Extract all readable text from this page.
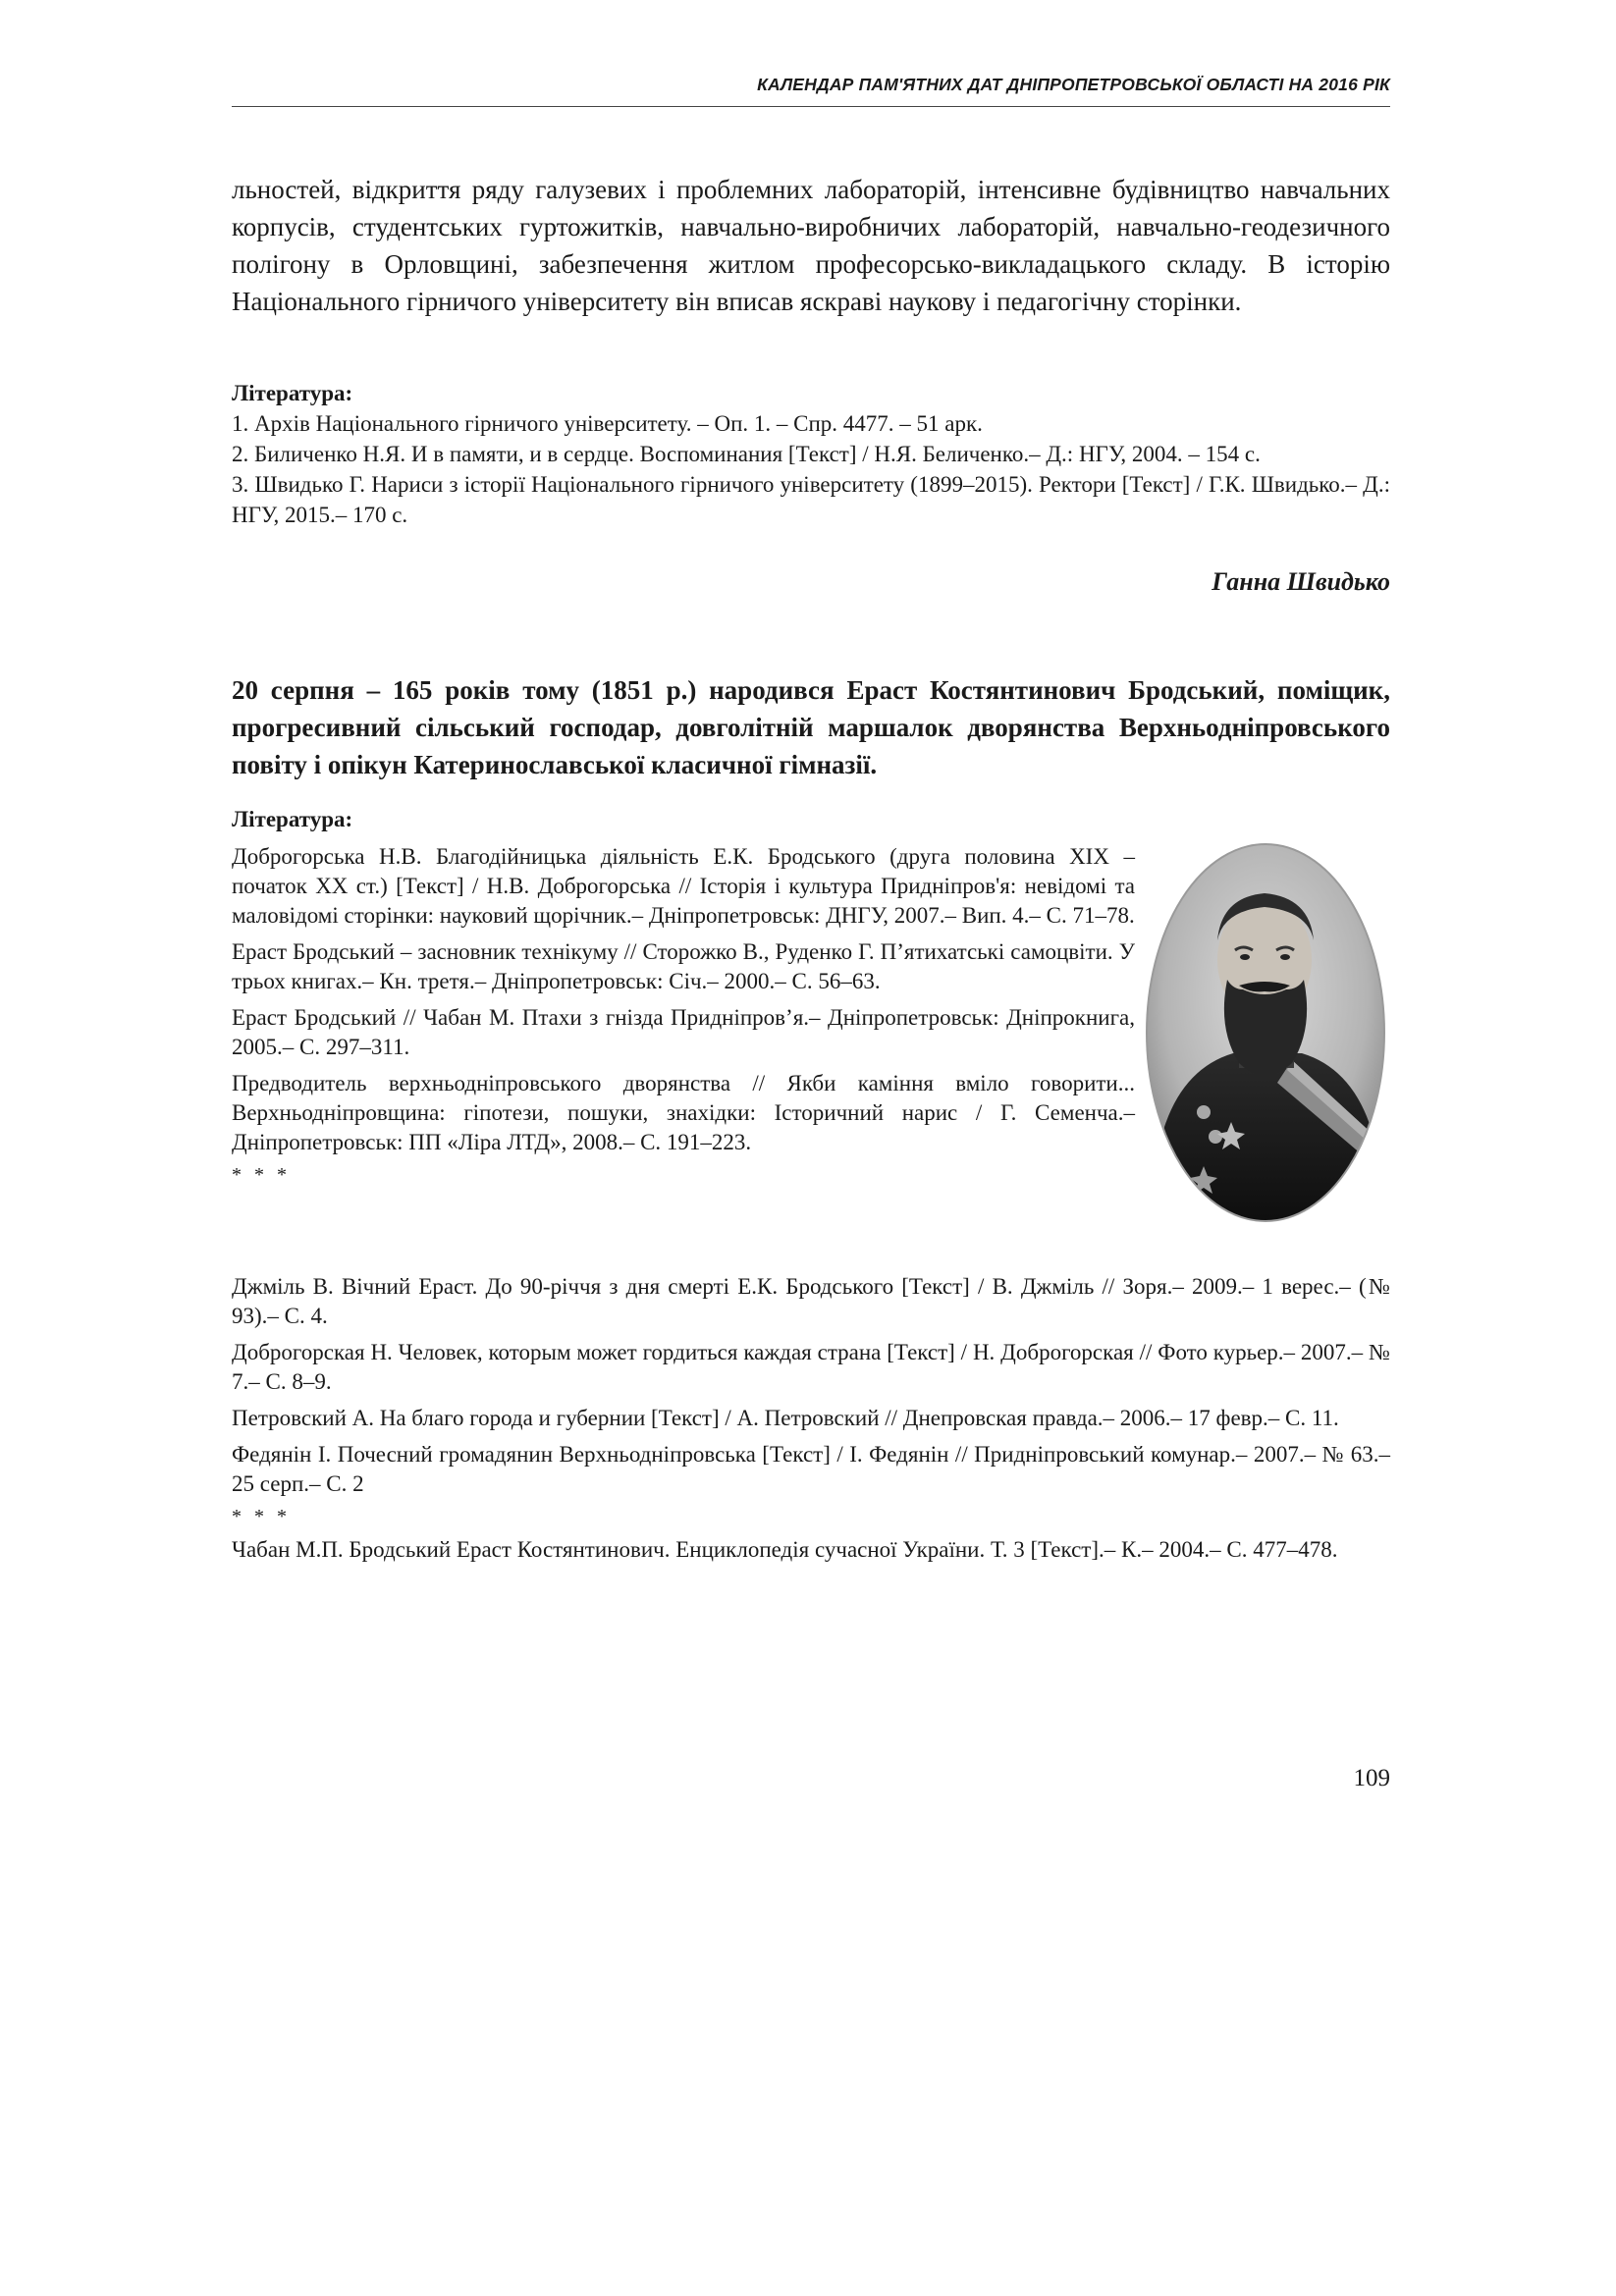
КАЛЕНДАР ПАМ'ЯТНИХ ДАТ ДНІПРОПЕТРОВСЬКОЇ ОБЛАСТІ НА 2016 РІК

льностей, відкриття ряду галузевих і проблемних лабораторій, інтенсивне будівництво навчальних корпусів, студентських гуртожитків, навчально-виробничих лабораторій, навчально-геодезичного полігону в Орловщині, забезпечення житлом професорсько-викладацького складу. В історію Національного гірничого університету він вписав яскраві наукову і педагогічну сторінки.

Література:

1. Архів Національного гірничого університету. – Оп. 1. – Спр. 4477. – 51 арк.
2. Биличенко Н.Я. И в памяти, и в сердце. Воспоминания [Текст] / Н.Я. Беличенко.– Д.: НГУ, 2004. – 154 с.
3. Швидько Г. Нариси з історії Національного гірничого університету (1899–2015). Ректори [Текст] / Г.К. Швидько.– Д.: НГУ, 2015.– 170 с.
Ганна Швидько

20 серпня – 165 років тому (1851 р.) народився Ераст Костянтинович Бродський, поміщик, прогресивний сільський господар, довголітній маршалок дворянства Верхньодніпровського повіту і опікун Катеринославської класичної гімназії.

Література:

Доброгорська Н.В. Благодійницька діяльність Е.К. Бродського (друга половина ХІХ – початок ХХ ст.) [Текст] / Н.В. Доброгорська // Історія і культура Придніпров'я: невідомі та маловідомі сторінки: науковий щорічник.– Дніпропетровськ: ДНГУ, 2007.– Вип. 4.– С. 71–78.

Ераст Бродський – засновник технікуму // Сторожко В., Руденко Г. П’ятихатські самоцвіти. У трьох книгах.– Кн. третя.– Дніпропетровськ: Січ.– 2000.– С. 56–63.

Ераст Бродський // Чабан М. Птахи з гнізда Придніпров’я.– Дніпропетровськ: Дніпрокнига, 2005.– С. 297–311.

Предводитель верхньодніпровського дворянства // Якби каміння вміло говорити... Верхньодніпровщина: гіпотези, пошуки, знахідки: Історичний нарис / Г. Семенча.– Дніпропетровськ: ПП «Ліра ЛТД», 2008.– С. 191–223.

* * *

Джміль В. Вічний Ераст. До 90-річчя з дня смерті Е.К. Бродського [Текст] / В. Джміль // Зоря.– 2009.– 1 верес.– (№ 93).– С. 4.

Доброгорская Н. Человек, которым может гордиться каждая страна [Текст] / Н. Доброгорская // Фото курьер.– 2007.– № 7.– С. 8–9.

Петровский А. На благо города и губернии [Текст] / А. Петровский // Днепровская правда.– 2006.– 17 февр.– С. 11.

Федянін І. Почесний громадянин Верхньодніпровська [Текст] / І. Федянін // Придніпровський комунар.– 2007.– № 63.– 25 серп.– С. 2

* * *

Чабан М.П. Бродський Ераст Костянтинович. Енциклопедія сучасної України. Т. 3 [Текст].– К.– 2004.– С. 477–478.

109
